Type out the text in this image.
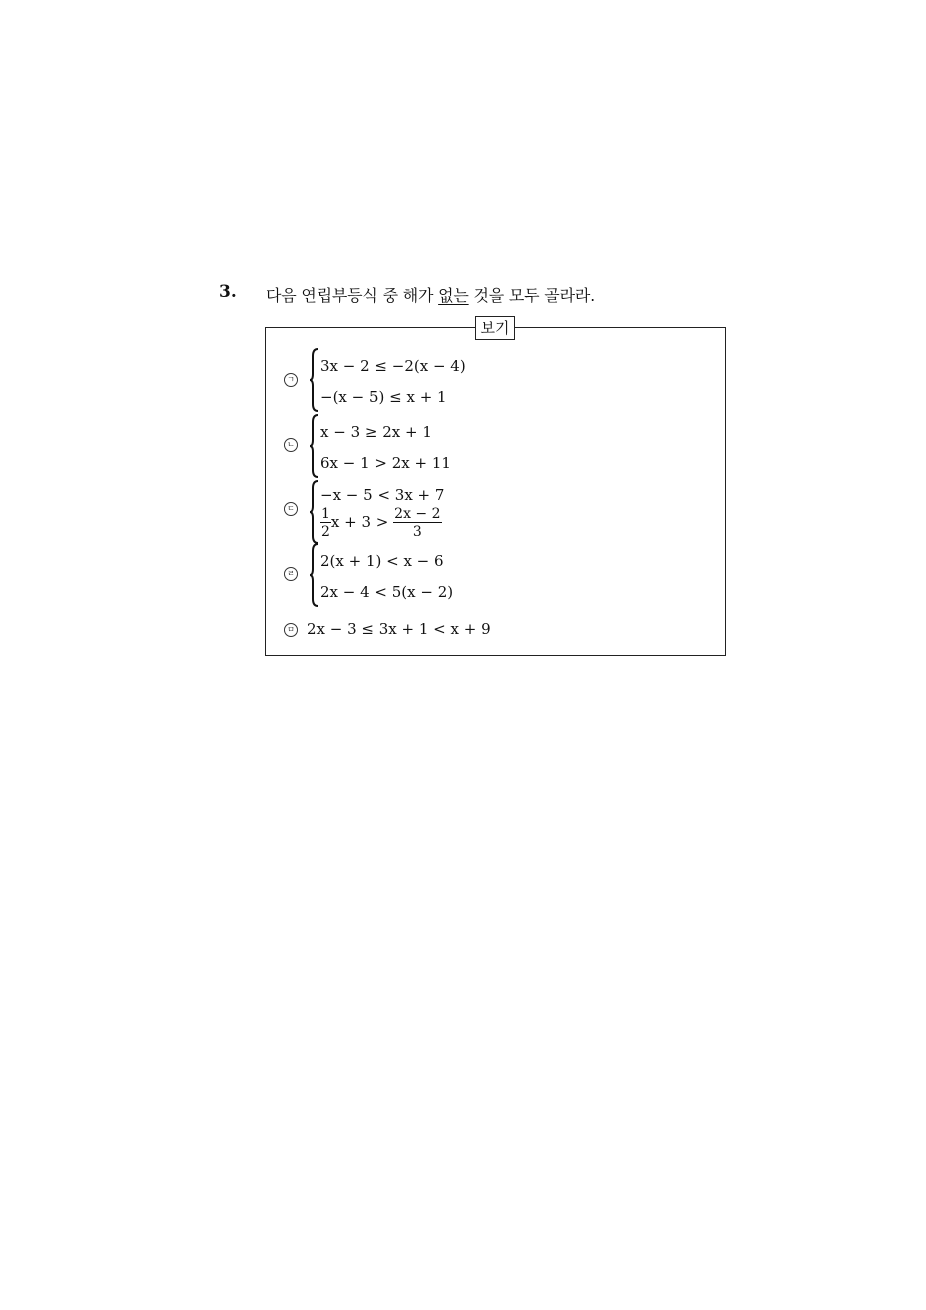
3. 다음 연립부등식 중 해가 없는 것을 모두 골라라.
보기
ㄱ
3x − 2 ≤ −2(x − 4)
−(x − 5) ≤ x + 1
ㄴ
x − 3 ≥ 2x + 1
6x − 1 > 2x + 11
ㄷ
−x − 5 < 3x + 7
$\frac{1}{2}$ $x + 3 > \frac{2x - 2}{3}$
ㄹ
2(x + 1) < x − 6
2x − 4 < 5(x − 2)
ㅁ 2x − 3 ≤ 3x + 1 < x + 9
